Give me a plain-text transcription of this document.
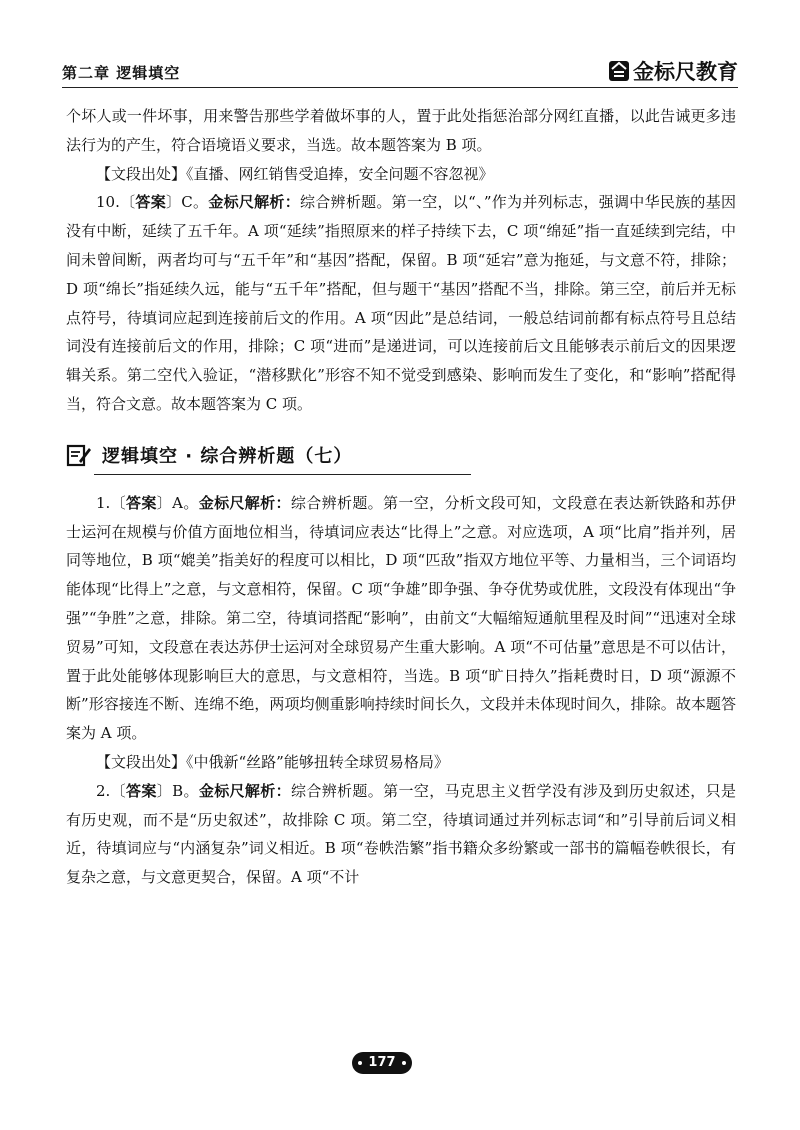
第二章 逻辑填空	金标尺教育

个坏人或一件坏事，用来警告那些学着做坏事的人，置于此处指惩治部分网红直播，以此告诫更多违法行为的产生，符合语境语义要求，当选。故本题答案为 B 项。

【文段出处】《直播、网红销售受追捧，安全问题不容忽视》

10.〔答案〕C。金标尺解析：综合辨析题。第一空，以“、”作为并列标志，强调中华民族的基因没有中断，延续了五千年。A 项“延续”指照原来的样子持续下去，C 项“绵延”指一直延续到完结，中间未曾间断，两者均可与“五千年”和“基因”搭配，保留。B 项“延宕”意为拖延，与文意不符，排除；D 项“绵长”指延续久远，能与“五千年”搭配，但与题干“基因”搭配不当，排除。第三空，前后并无标点符号，待填词应起到连接前后文的作用。A 项“因此”是总结词，一般总结词前都有标点符号且总结词没有连接前后文的作用，排除；C 项“进而”是递进词，可以连接前后文且能够表示前后文的因果逻辑关系。第二空代入验证，“潜移默化”形容不知不觉受到感染、影响而发生了变化，和“影响”搭配得当，符合文意。故本题答案为 C 项。

逻辑填空 · 综合辨析题（七）

1.〔答案〕A。金标尺解析：综合辨析题。第一空，分析文段可知，文段意在表达新铁路和苏伊士运河在规模与价值方面地位相当，待填词应表达“比得上”之意。对应选项，A 项“比肩”指并列，居同等地位，B 项“媲美”指美好的程度可以相比，D 项“匹敌”指双方地位平等、力量相当，三个词语均能体现“比得上”之意，与文意相符，保留。C 项“争雄”即争强、争夺优势或优胜，文段没有体现出“争强”“争胜”之意，排除。第二空，待填词搭配“影响”，由前文“大幅缩短通航里程及时间”“迅速对全球贸易”可知，文段意在表达苏伊士运河对全球贸易产生重大影响。A 项“不可估量”意思是不可以估计，置于此处能够体现影响巨大的意思，与文意相符，当选。B 项“旷日持久”指耗费时日，D 项“源源不断”形容接连不断、连绵不绝，两项均侧重影响持续时间长久，文段并未体现时间久，排除。故本题答案为 A 项。

【文段出处】《中俄新“丝路”能够扭转全球贸易格局》

2.〔答案〕B。金标尺解析：综合辨析题。第一空，马克思主义哲学没有涉及到历史叙述，只是有历史观，而不是“历史叙述”，故排除 C 项。第二空，待填词通过并列标志词“和”引导前后词义相近，待填词应与“内涵复杂”词义相近。B 项“卷帙浩繁”指书籍众多纷繁或一部书的篇幅卷帙很长，有复杂之意，与文意更契合，保留。A 项“不计

177
